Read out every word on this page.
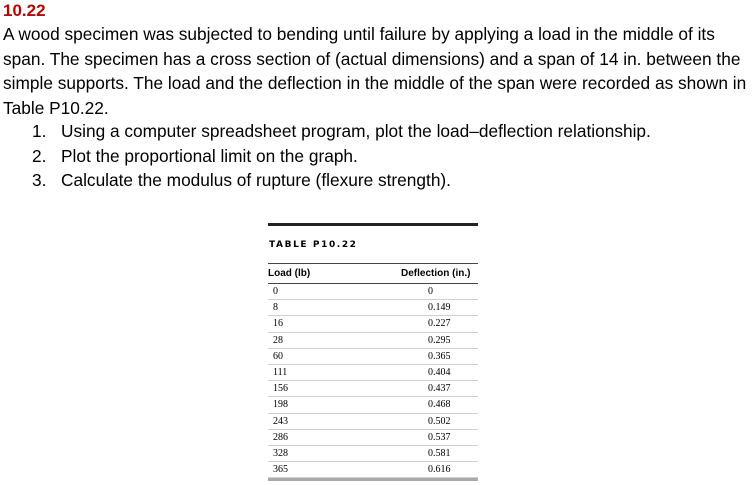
10.22
A wood specimen was subjected to bending until failure by applying a load in the middle of its span. The specimen has a cross section of (actual dimensions) and a span of 14 in. between the simple supports. The load and the deflection in the middle of the span were recorded as shown in Table P10.22.
1. Using a computer spreadsheet program, plot the load–deflection relationship.
2. Plot the proportional limit on the graph.
3. Calculate the modulus of rupture (flexure strength).
TABLE P10.22
Load (lb)	Deflection (in.)
0	0
8	0.149
16	0.227
28	0.295
60	0.365
111	0.404
156	0.437
198	0.468
243	0.502
286	0.537
328	0.581
365	0.616
